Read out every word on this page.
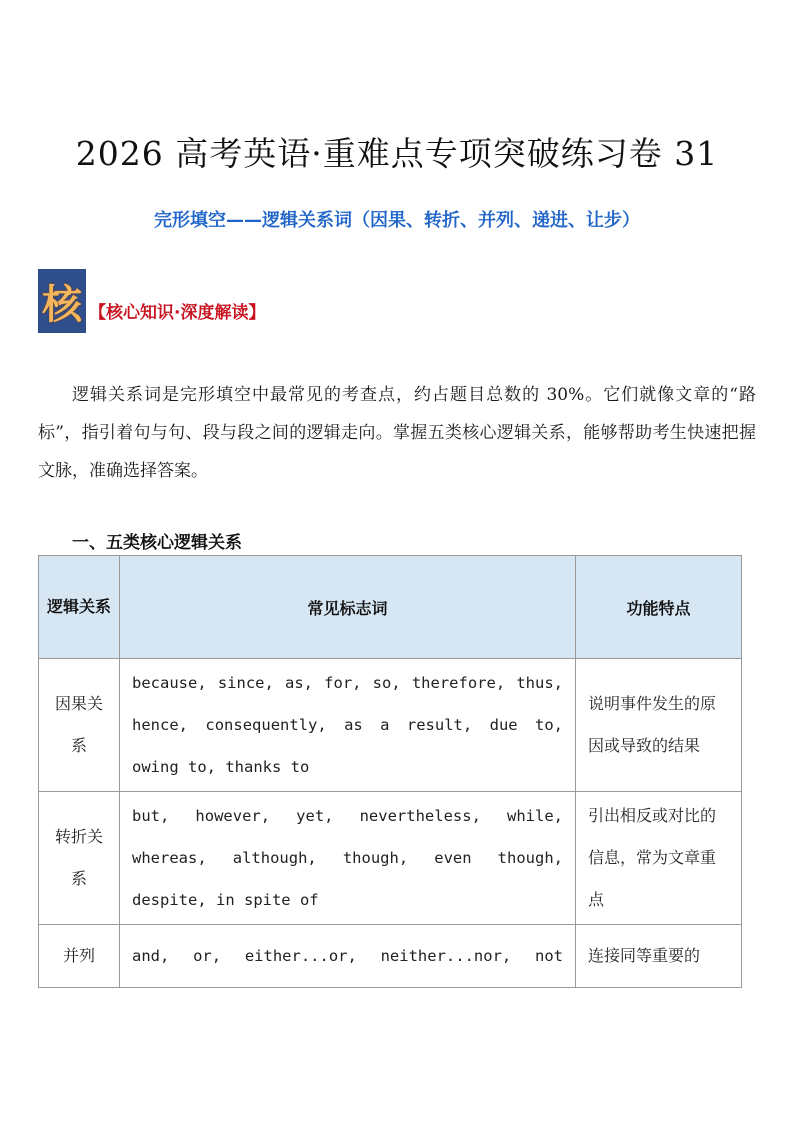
2026 高考英语·重难点专项突破练习卷 31
完形填空——逻辑关系词（因果、转折、并列、递进、让步）
核 【核心知识·深度解读】

逻辑关系词是完形填空中最常见的考查点，约占题目总数的 30%。它们就像文章的“路标”，指引着句与句、段与段之间的逻辑走向。掌握五类核心逻辑关系，能够帮助考生快速把握文脉，准确选择答案。

一、五类核心逻辑关系
逻辑关系	常见标志词	功能特点
因果关系	because, since, as, for, so, therefore, thus, hence, consequently, as a result, due to, owing to, thanks to	说明事件发生的原因或导致的结果
转折关系	but, however, yet, nevertheless, while, whereas, although, though, even though, despite, in spite of	引出相反或对比的信息，常为文章重点
并列	and, or, either...or, neither...nor, not	连接同等重要的
